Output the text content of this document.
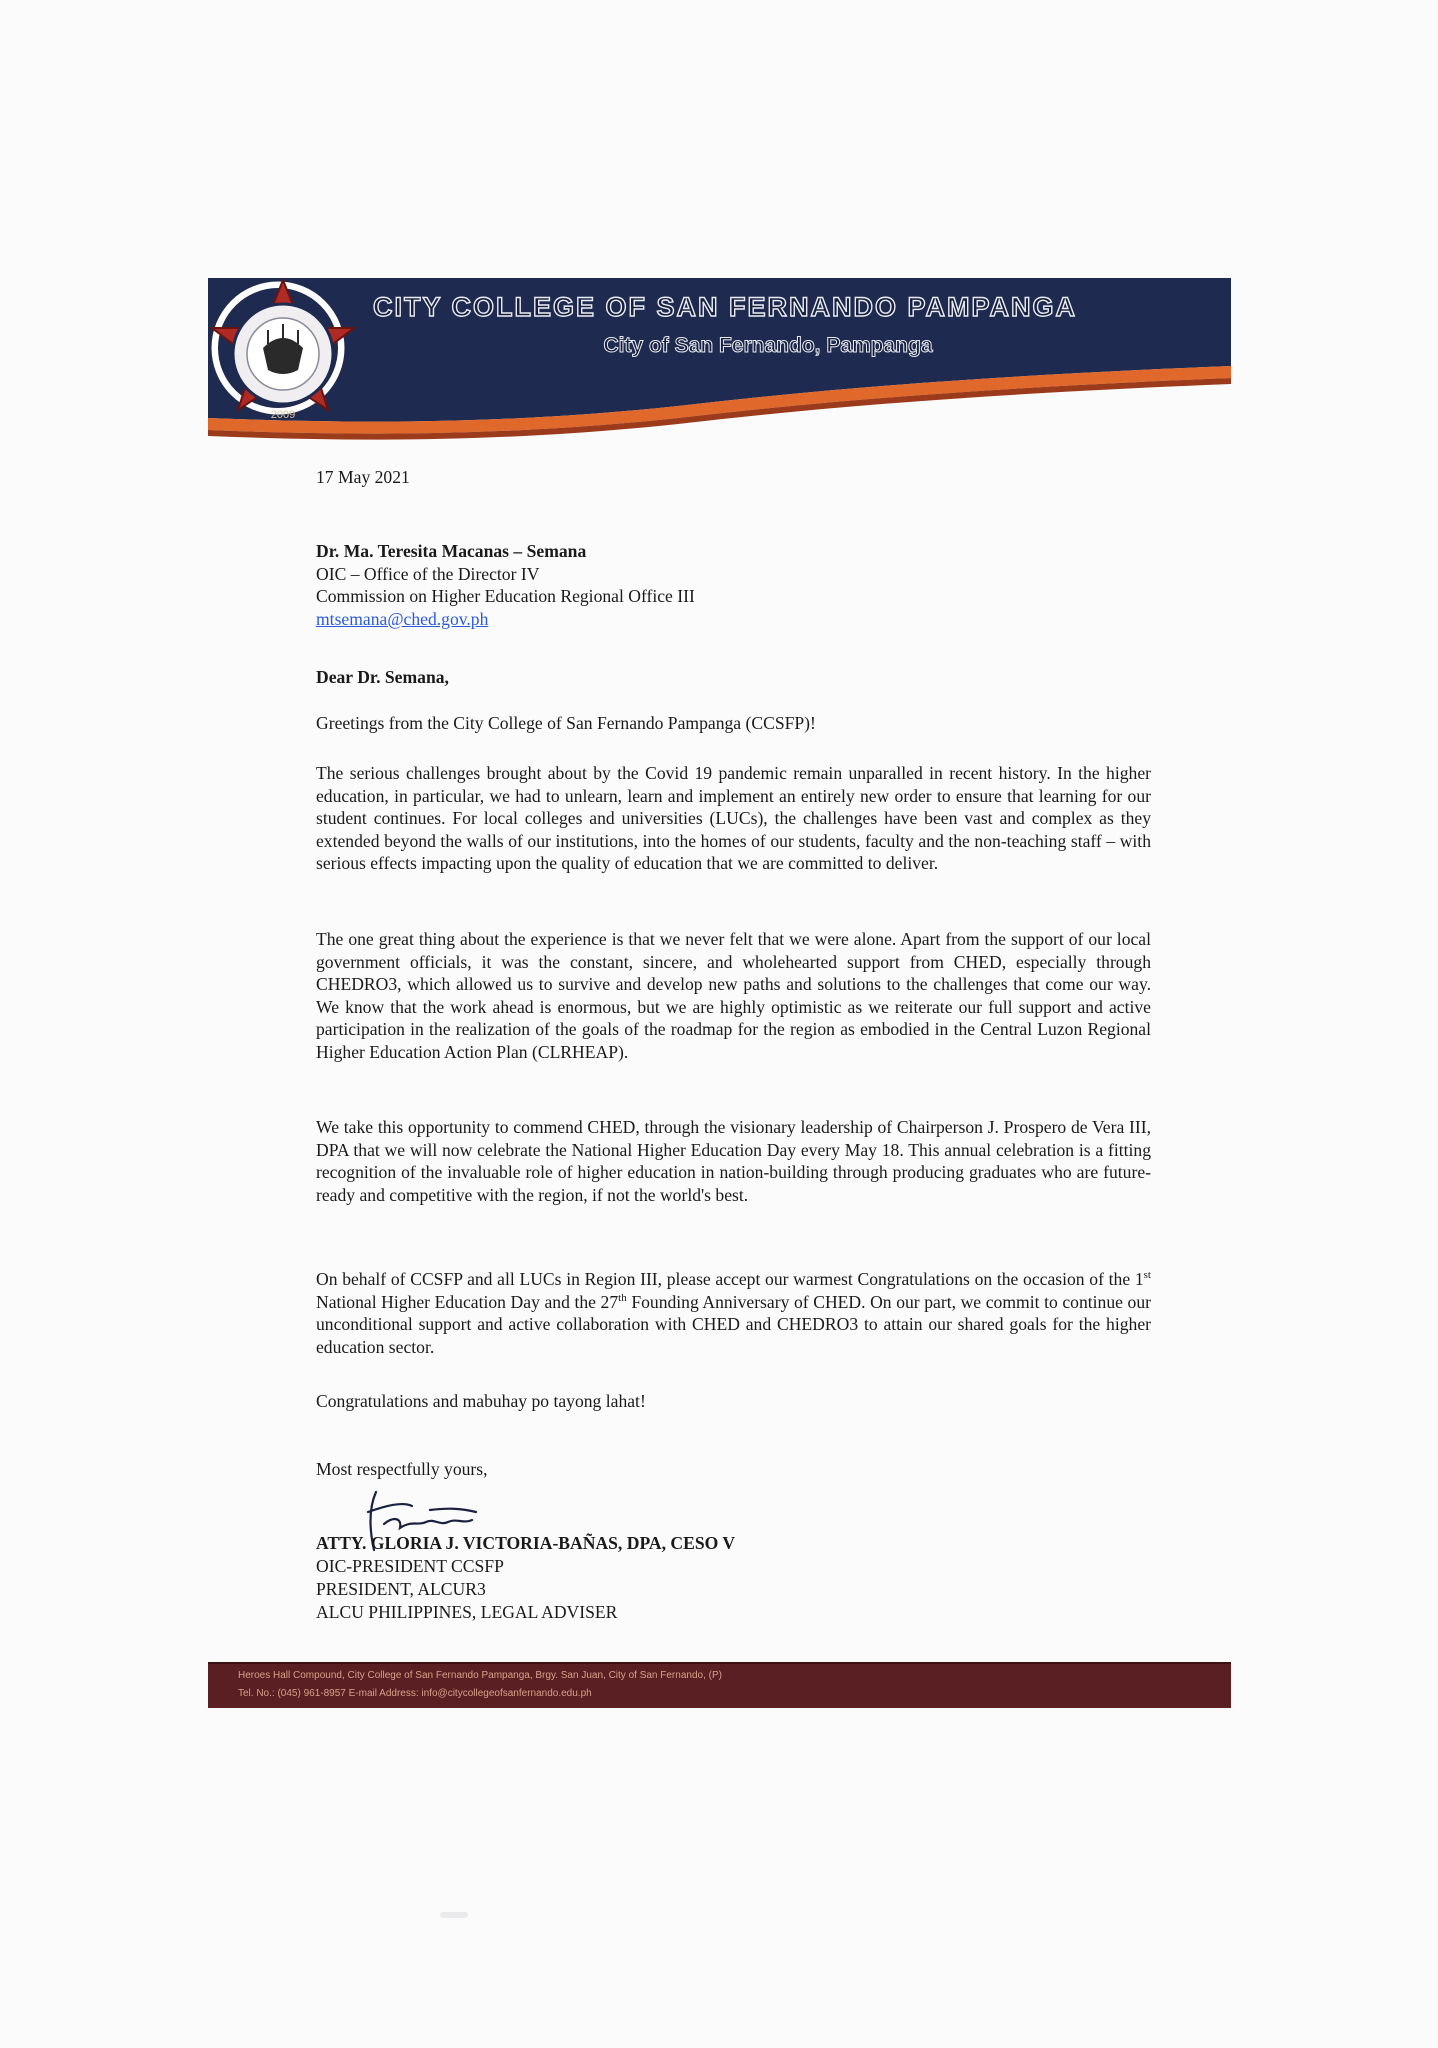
CITY COLLEGE OF SAN FERNANDO PAMPANGA
City of San Fernando, Pampanga
2009
17 May 2021
Dr. Ma. Teresita Macanas – Semana
OIC – Office of the Director IV
Commission on Higher Education Regional Office III
mtsemana@ched.gov.ph
Dear Dr. Semana,

Greetings from the City College of San Fernando Pampanga (CCSFP)!

The serious challenges brought about by the Covid 19 pandemic remain unparalled in recent history. In the higher education, in particular, we had to unlearn, learn and implement an entirely new order to ensure that learning for our student continues. For local colleges and universities (LUCs), the challenges have been vast and complex as they extended beyond the walls of our institutions, into the homes of our students, faculty and the non-teaching staff – with serious effects impacting upon the quality of education that we are committed to deliver.

The one great thing about the experience is that we never felt that we were alone. Apart from the support of our local government officials, it was the constant, sincere, and wholehearted support from CHED, especially through CHEDRO3, which allowed us to survive and develop new paths and solutions to the challenges that come our way. We know that the work ahead is enormous, but we are highly optimistic as we reiterate our full support and active participation in the realization of the goals of the roadmap for the region as embodied in the Central Luzon Regional Higher Education Action Plan (CLRHEAP).

We take this opportunity to commend CHED, through the visionary leadership of Chairperson J. Prospero de Vera III, DPA that we will now celebrate the National Higher Education Day every May 18. This annual celebration is a fitting recognition of the invaluable role of higher education in nation-building through producing graduates who are future-ready and competitive with the region, if not the world's best.

On behalf of CCSFP and all LUCs in Region III, please accept our warmest Congratulations on the occasion of the 1st National Higher Education Day and the 27th Founding Anniversary of CHED. On our part, we commit to continue our unconditional support and active collaboration with CHED and CHEDRO3 to attain our shared goals for the higher education sector.

Congratulations and mabuhay po tayong lahat!

Most respectfully yours,
ATTY. GLORIA J. VICTORIA-BAÑAS, DPA, CESO V
OIC-PRESIDENT CCSFP
PRESIDENT, ALCUR3
ALCU PHILIPPINES, LEGAL ADVISER
Heroes Hall Compound, City College of San Fernando Pampanga, Brgy. San Juan, City of San Fernando, (P)
Tel. No.: (045) 961-8957 E-mail Address: info@citycollegeofsanfernando.edu.ph
